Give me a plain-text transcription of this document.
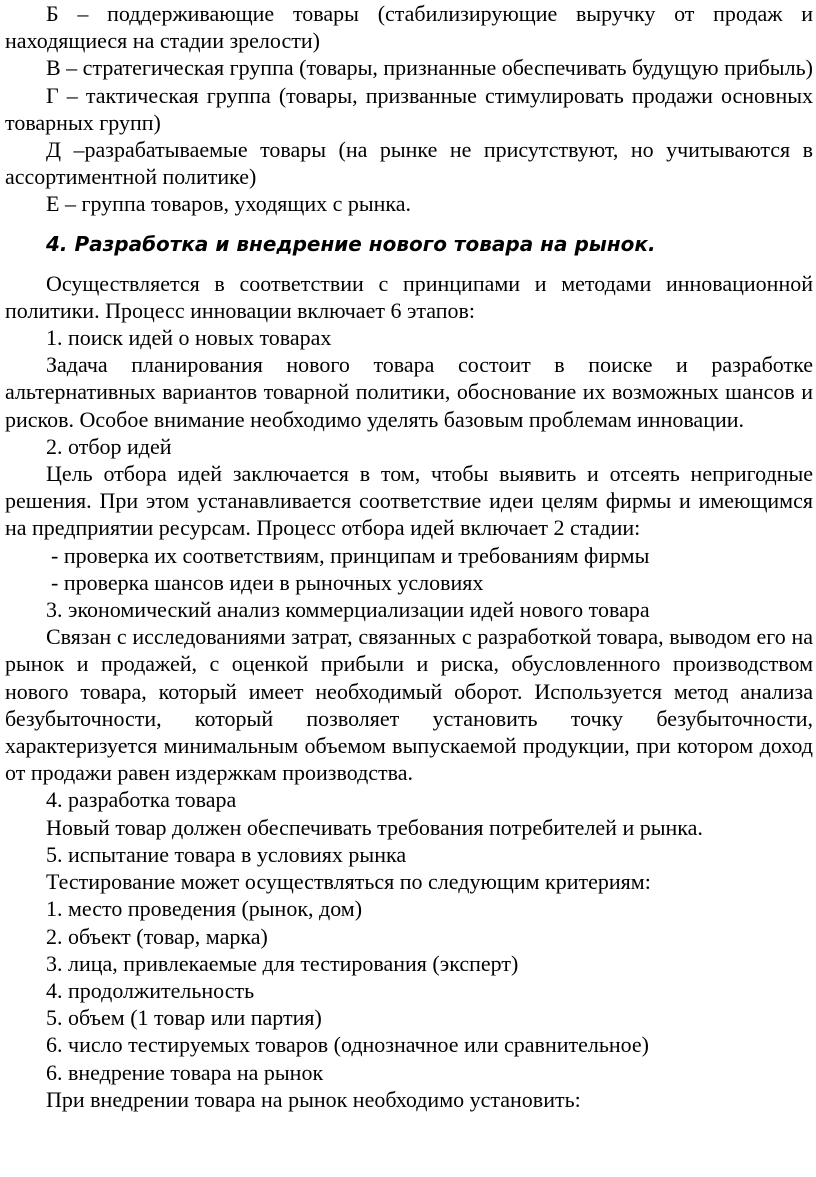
Б – поддерживающие товары (стабилизирующие выручку от продаж и находящиеся на стадии зрелости)

В – стратегическая группа (товары, признанные обеспечивать будущую прибыль)

Г – тактическая группа (товары, призванные стимулировать продажи основных товарных групп)

Д –разрабатываемые товары (на рынке не присутствуют, но учитываются в ассортиментной политике)

Е – группа товаров, уходящих с рынка.

4. Разработка и внедрение нового товара на рынок.

Осуществляется в соответствии с принципами и методами инновационной политики. Процесс инновации включает 6 этапов:

1. поиск идей о новых товарах

Задача планирования нового товара состоит в поиске и разработке альтернативных вариантов товарной политики, обоснование их возможных шансов и рисков. Особое внимание необходимо уделять базовым проблемам инновации.

2. отбор идей

Цель отбора идей заключается в том, чтобы выявить и отсеять непригодные решения. При этом устанавливается соответствие идеи целям фирмы и имеющимся на предприятии ресурсам. Процесс отбора идей включает 2 стадии:

- проверка их соответствиям, принципам и требованиям фирмы

- проверка шансов идеи в рыночных условиях

3. экономический анализ коммерциализации идей нового товара

Связан с исследованиями затрат, связанных с разработкой товара, выводом его на рынок и продажей, с оценкой прибыли и риска, обусловленного производством нового товара, который имеет необходимый оборот. Используется метод анализа безубыточности, который позволяет установить точку безубыточности, характеризуется минимальным объемом выпускаемой продукции, при котором доход от продажи равен издержкам производства.

4. разработка товара

Новый товар должен обеспечивать требования потребителей и рынка.

5. испытание товара в условиях рынка

Тестирование может осуществляться по следующим критериям:

1. место проведения (рынок, дом)

2. объект (товар, марка)

3. лица, привлекаемые для тестирования (эксперт)

4. продолжительность

5. объем (1 товар или партия)

6. число тестируемых товаров (однозначное или сравнительное)

6. внедрение товара на рынок

При внедрении товара на рынок необходимо установить:
